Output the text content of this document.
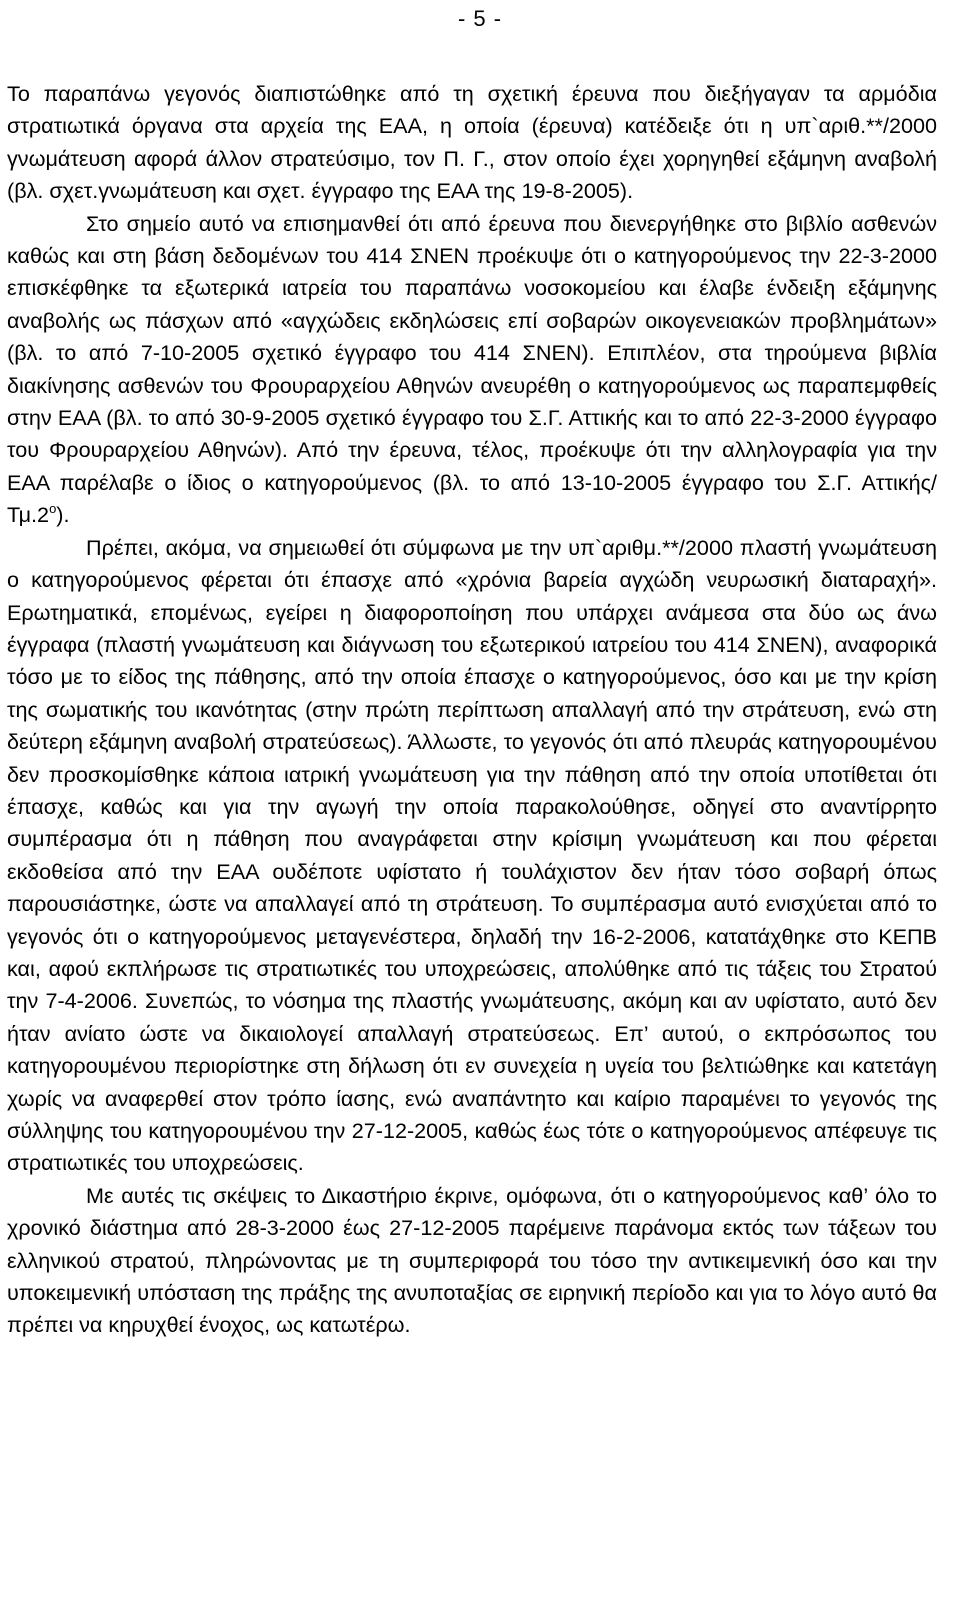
- 5 -

Το παραπάνω γεγονός διαπιστώθηκε από τη σχετική έρευνα που διεξήγαγαν τα αρμόδια στρατιωτικά όργανα στα αρχεία της ΕΑΑ, η οποία (έρευνα) κατέδειξε ότι η υπ`αριθ.**/2000 γνωμάτευση αφορά άλλον στρατεύσιμο, τον Π. Γ., στον οποίο έχει χορηγηθεί εξάμηνη αναβολή (βλ. σχετ.γνωμάτευση και σχετ. έγγραφο της ΕΑΑ της 19-8-2005).

Στο σημείο αυτό να επισημανθεί ότι από έρευνα που διενεργήθηκε στο βιβλίο ασθενών καθώς και στη βάση δεδομένων του 414 ΣΝΕΝ προέκυψε ότι ο κατηγορούμενος την 22-3-2000 επισκέφθηκε τα εξωτερικά ιατρεία του παραπάνω νοσοκομείου και έλαβε ένδειξη εξάμηνης αναβολής ως πάσχων από «αγχώδεις εκδηλώσεις επί σοβαρών οικογενειακών προβλημάτων» (βλ. το από 7-10-2005 σχετικό έγγραφο του 414 ΣΝΕΝ). Επιπλέον, στα τηρούμενα βιβλία διακίνησης ασθενών του Φρουραρχείου Αθηνών ανευρέθη ο κατηγορούμενος ως παραπεμφθείς στην ΕΑΑ (βλ. το από 30-9-2005 σχετικό έγγραφο του Σ.Γ. Αττικής και το από 22-3-2000 έγγραφο του Φρουραρχείου Αθηνών). Από την έρευνα, τέλος, προέκυψε ότι την αλληλογραφία για την ΕΑΑ παρέλαβε ο ίδιος ο κατηγορούμενος (βλ. το από 13-10-2005 έγγραφο του Σ.Γ. Αττικής/$T\mu.2^o$).

Πρέπει, ακόμα, να σημειωθεί ότι σύμφωνα με την υπ`αριθμ.**/2000 πλαστή γνωμάτευση ο κατηγορούμενος φέρεται ότι έπασχε από «χρόνια βαρεία αγχώδη νευρωσική διαταραχή». Ερωτηματικά, επομένως, εγείρει η διαφοροποίηση που υπάρχει ανάμεσα στα δύο ως άνω έγγραφα (πλαστή γνωμάτευση και διάγνωση του εξωτερικού ιατρείου του 414 ΣΝΕΝ), αναφορικά τόσο με το είδος της πάθησης, από την οποία έπασχε ο κατηγορούμενος, όσο και με την κρίση της σωματικής του ικανότητας (στην πρώτη περίπτωση απαλλαγή από την στράτευση, ενώ στη δεύτερη εξάμηνη αναβολή στρατεύσεως). Άλλωστε, το γεγονός ότι από πλευράς κατηγορουμένου δεν προσκομίσθηκε κάποια ιατρική γνωμάτευση για την πάθηση από την οποία υποτίθεται ότι έπασχε, καθώς και για την αγωγή την οποία παρακολούθησε, οδηγεί στο αναντίρρητο συμπέρασμα ότι η πάθηση που αναγράφεται στην κρίσιμη γνωμάτευση και που φέρεται εκδοθείσα από την ΕΑΑ ουδέποτε υφίστατο ή τουλάχιστον δεν ήταν τόσο σοβαρή όπως παρουσιάστηκε, ώστε να απαλλαγεί από τη στράτευση. Το συμπέρασμα αυτό ενισχύεται από το γεγονός ότι ο κατηγορούμενος μεταγενέστερα, δηλαδή την 16-2-2006, κατατάχθηκε στο ΚΕΠΒ και, αφού εκπλήρωσε τις στρατιωτικές του υποχρεώσεις, απολύθηκε από τις τάξεις του Στρατού την 7-4-2006. Συνεπώς, το νόσημα της πλαστής γνωμάτευσης, ακόμη και αν υφίστατο, αυτό δεν ήταν ανίατο ώστε να δικαιολογεί απαλλαγή στρατεύσεως. Επ’ αυτού, ο εκπρόσωπος του κατηγορουμένου περιορίστηκε στη δήλωση ότι εν συνεχεία η υγεία του βελτιώθηκε και κατετάγη χωρίς να αναφερθεί στον τρόπο ίασης, ενώ αναπάντητο και καίριο παραμένει το γεγονός της σύλληψης του κατηγορουμένου την 27-12-2005, καθώς έως τότε ο κατηγορούμενος απέφευγε τις στρατιωτικές του υποχρεώσεις.

Με αυτές τις σκέψεις το Δικαστήριο έκρινε, ομόφωνα, ότι ο κατηγορούμενος καθ’ όλο το χρονικό διάστημα από 28-3-2000 έως 27-12-2005 παρέμεινε παράνομα εκτός των τάξεων του ελληνικού στρατού, πληρώνοντας με τη συμπεριφορά του τόσο την αντικειμενική όσο και την υποκειμενική υπόσταση της πράξης της ανυποταξίας σε ειρηνική περίοδο και για το λόγο αυτό θα πρέπει να κηρυχθεί ένοχος, ως κατωτέρω.
